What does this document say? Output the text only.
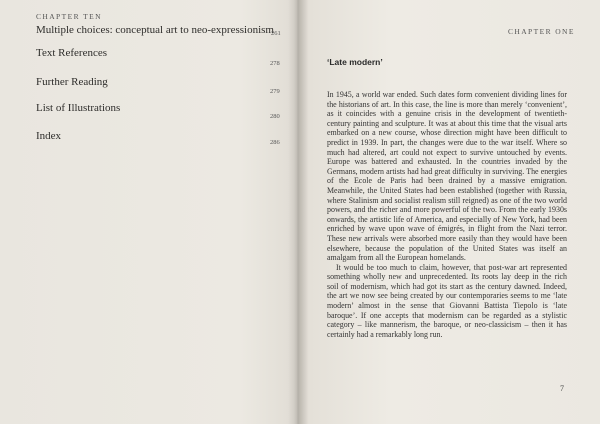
CHAPTER TEN
Multiple choices: conceptual art to neo-expressionism
261
Text References
278
Further Reading
279
List of Illustrations
280
Index
286
CHAPTER ONE
‘Late modern’

In 1945, a world war ended. Such dates form convenient dividing lines for the historians of art. In this case, the line is more than merely ‘convenient’, as it coincides with a genuine crisis in the development of twentieth-century painting and sculpture. It was at about this time that the visual arts embarked on a new course, whose direction might have been difficult to predict in 1939. In part, the changes were due to the war itself. Where so much had altered, art could not expect to survive untouched by events. Europe was battered and exhausted. In the countries invaded by the Germans, modern artists had had great difficulty in surviving. The energies of the Ecole de Paris had been drained by a massive emigration. Meanwhile, the United States had been established (together with Russia, where Stalinism and socialist realism still reigned) as one of the two world powers, and the richer and more powerful of the two. From the early 1930s onwards, the artistic life of America, and especially of New York, had been enriched by wave upon wave of émigrés, in flight from the Nazi terror. These new arrivals were absorbed more easily than they would have been elsewhere, because the population of the United States was itself an amalgam from all the European homelands.

It would be too much to claim, however, that post-war art represented something wholly new and unprecedented. Its roots lay deep in the rich soil of modernism, which had got its start as the century dawned. Indeed, the art we now see being created by our contemporaries seems to me ‘late modern’ almost in the sense that Giovanni Battista Tiepolo is ‘late baroque’. If one accepts that modernism can be regarded as a stylistic category – like mannerism, the baroque, or neo-classicism – then it has certainly had a remarkably long run.

7
